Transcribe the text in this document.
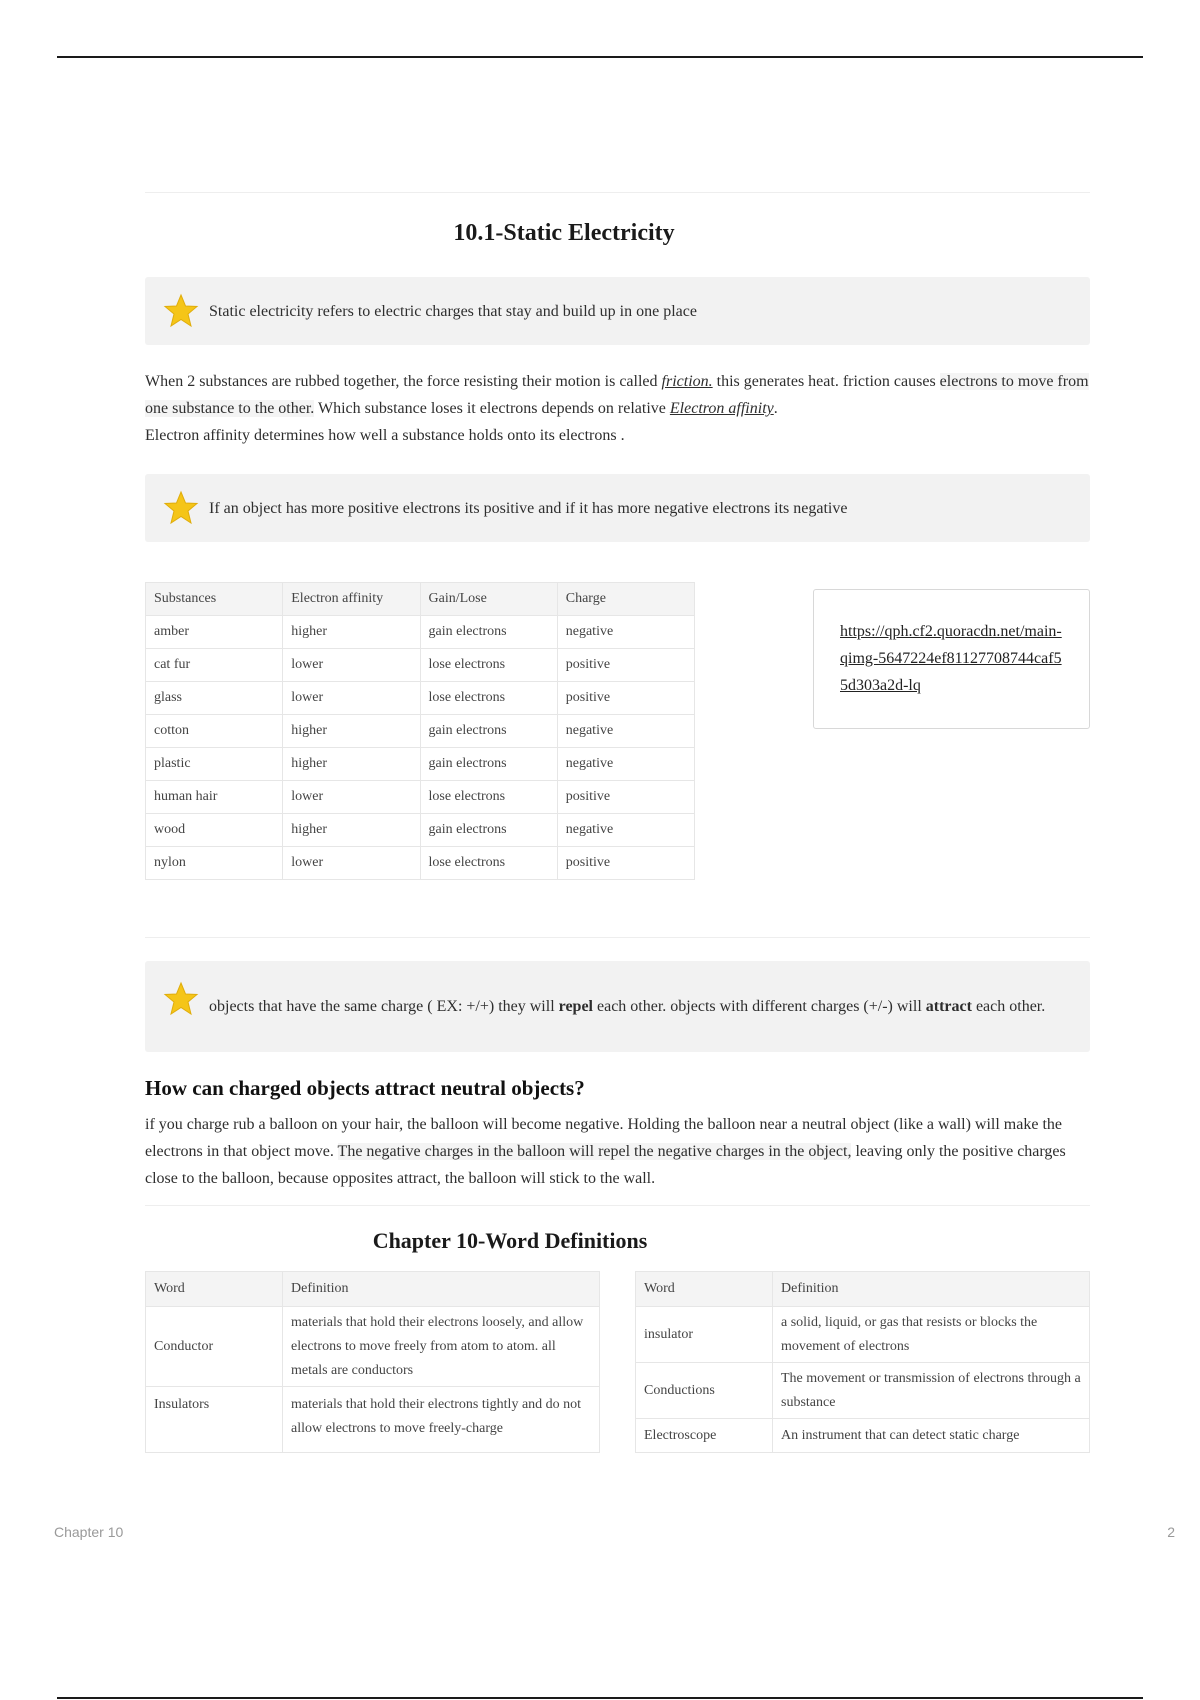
10.1-Static Electricity
Static electricity refers to electric charges that stay and build up in one place
When 2 substances are rubbed together, the force resisting their motion is called friction. this generates heat. friction causes electrons to move from one substance to the other. Which substance loses it electrons depends on relative Electron affinity.
Electron affinity determines how well a substance holds onto its electrons .
If an object has more positive electrons its positive and if it has more negative electrons its negative
Substances	Electron affinity	Gain/Lose	Charge
amber	higher	gain electrons	negative
cat fur	lower	lose electrons	positive
glass	lower	lose electrons	positive
cotton	higher	gain electrons	negative
plastic	higher	gain electrons	negative
human hair	lower	lose electrons	positive
wood	higher	gain electrons	negative
nylon	lower	lose electrons	positive
https://qph.cf2.quoracdn.net/main-qimg-5647224ef81127708744caf55d303a2d-lq
objects that have the same charge ( EX: +/+) they will repel each other. objects with different charges (+/-) will attract each other.
How can charged objects attract neutral objects?
if you charge rub a balloon on your hair, the balloon will become negative. Holding the balloon near a neutral object (like a wall) will make the electrons in that object move. The negative charges in the balloon will repel the negative charges in the object, leaving only the positive charges close to the balloon, because opposites attract, the balloon will stick to the wall.
Chapter 10-Word Definitions
Word	Definition
Conductor	materials that hold their electrons loosely, and allow electrons to move freely from atom to atom. all metals are conductors
Insulators	materials that hold their electrons tightly and do not allow electrons to move freely-charge
Word	Definition
insulator	a solid, liquid, or gas that resists or blocks the movement of electrons
Conductions	The movement or transmission of electrons through a substance
Electroscope	An instrument that can detect static charge
Chapter 10	2
